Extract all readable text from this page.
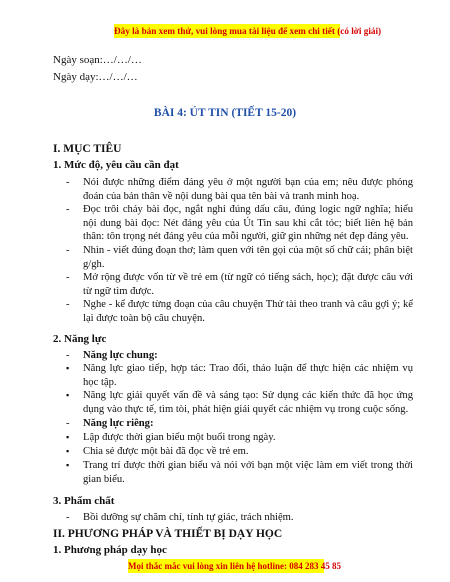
Đây là bản xem thử, vui lòng mua tài liệu để xem chi tiết (có lời giải)
Ngày soạn:…/…/…
Ngày dạy:…/…/…
BÀI 4: ÚT TIN (TIẾT 15-20)
I. MỤC TIÊU
1. Mức độ, yêu cầu cần đạt
- Nói được những điểm đáng yêu ở một người bạn của em; nêu được phỏng đoán của bản thân về nội dung bài qua tên bài và tranh minh hoạ.
- Đọc trôi chảy bài đọc, ngắt nghỉ đúng dấu câu, đúng logic ngữ nghĩa; hiểu nội dung bài đọc: Nét đáng yêu của Út Tin sau khi cắt tóc; biết liên hệ bản thân: tôn trọng nét đáng yêu của mỗi người, giữ gìn những nét đẹp đáng yêu.
- Nhìn - viết đúng đoạn thơ; làm quen với tên gọi của một số chữ cái; phân biệt g/gh.
- Mở rộng được vốn từ về trẻ em (từ ngữ có tiếng sách, học); đặt được câu với từ ngữ tìm được.
- Nghe - kể được từng đoạn của câu chuyện Thử tài theo tranh và câu gợi ý; kể lại được toàn bộ câu chuyện.
2. Năng lực
- Năng lực chung:
▪ Năng lực giao tiếp, hợp tác: Trao đổi, thảo luận để thực hiện các nhiệm vụ học tập.
▪ Năng lực giải quyết vấn đề và sáng tạo: Sử dụng các kiến thức đã học ứng dụng vào thực tế, tìm tòi, phát hiện giải quyết các nhiệm vụ trong cuộc sống.
- Năng lực riêng:
▪ Lập được thời gian biểu một buổi trong ngày.
▪ Chia sẻ được một bài đã đọc về trẻ em.
▪ Trang trí được thời gian biểu và nói với bạn một việc làm em viết trong thời gian biểu.
3. Phẩm chất
- Bồi dưỡng sự chăm chỉ, tính tự giác, trách nhiệm.
II. PHƯƠNG PHÁP VÀ THIẾT BỊ DẠY HỌC
1. Phương pháp dạy học
Mọi thắc mắc vui lòng xin liên hệ hotline: 084 283 45 85
